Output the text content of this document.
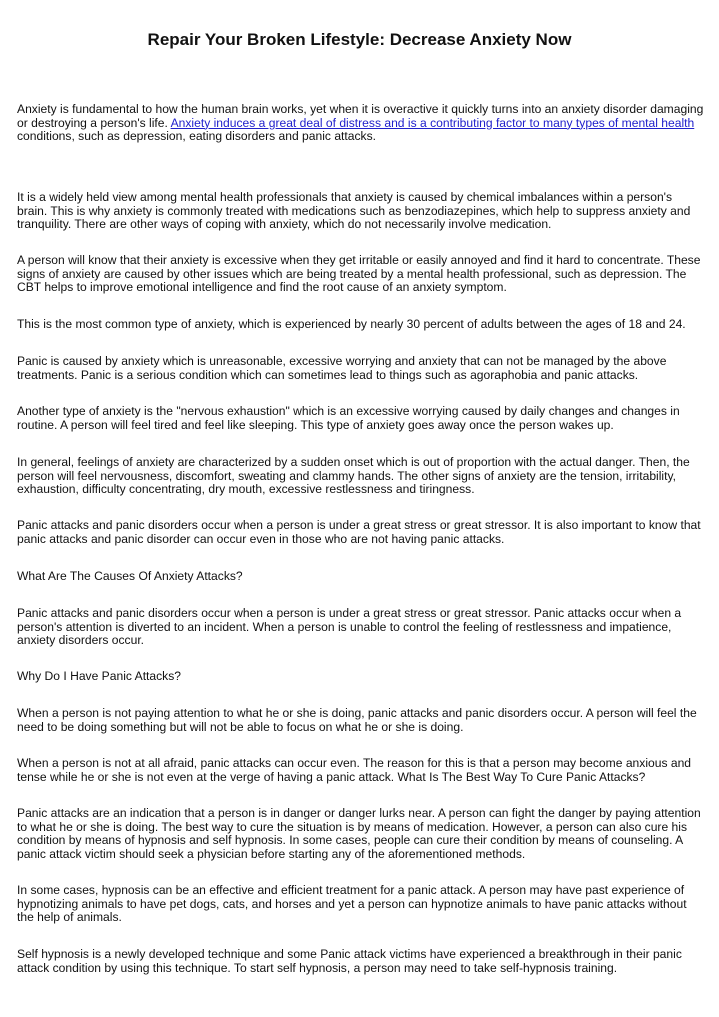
Repair Your Broken Lifestyle: Decrease Anxiety Now

Anxiety is fundamental to how the human brain works, yet when it is overactive it quickly turns into an anxiety disorder damaging or destroying a person's life. Anxiety induces a great deal of distress and is a contributing factor to many types of mental health conditions, such as depression, eating disorders and panic attacks.

It is a widely held view among mental health professionals that anxiety is caused by chemical imbalances within a person's brain. This is why anxiety is commonly treated with medications such as benzodiazepines, which help to suppress anxiety and tranquility. There are other ways of coping with anxiety, which do not necessarily involve medication.

A person will know that their anxiety is excessive when they get irritable or easily annoyed and find it hard to concentrate. These signs of anxiety are caused by other issues which are being treated by a mental health professional, such as depression. The CBT helps to improve emotional intelligence and find the root cause of an anxiety symptom.

This is the most common type of anxiety, which is experienced by nearly 30 percent of adults between the ages of 18 and 24.

Panic is caused by anxiety which is unreasonable, excessive worrying and anxiety that can not be managed by the above treatments. Panic is a serious condition which can sometimes lead to things such as agoraphobia and panic attacks.

Another type of anxiety is the "nervous exhaustion" which is an excessive worrying caused by daily changes and changes in routine. A person will feel tired and feel like sleeping. This type of anxiety goes away once the person wakes up.

In general, feelings of anxiety are characterized by a sudden onset which is out of proportion with the actual danger. Then, the person will feel nervousness, discomfort, sweating and clammy hands. The other signs of anxiety are the tension, irritability, exhaustion, difficulty concentrating, dry mouth, excessive restlessness and tiringness.

Panic attacks and panic disorders occur when a person is under a great stress or great stressor. It is also important to know that panic attacks and panic disorder can occur even in those who are not having panic attacks.

What Are The Causes Of Anxiety Attacks?

Panic attacks and panic disorders occur when a person is under a great stress or great stressor. Panic attacks occur when a person's attention is diverted to an incident. When a person is unable to control the feeling of restlessness and impatience, anxiety disorders occur.

Why Do I Have Panic Attacks?

When a person is not paying attention to what he or she is doing, panic attacks and panic disorders occur. A person will feel the need to be doing something but will not be able to focus on what he or she is doing.

When a person is not at all afraid, panic attacks can occur even. The reason for this is that a person may become anxious and tense while he or she is not even at the verge of having a panic attack. What Is The Best Way To Cure Panic Attacks?

Panic attacks are an indication that a person is in danger or danger lurks near. A person can fight the danger by paying attention to what he or she is doing. The best way to cure the situation is by means of medication. However, a person can also cure his condition by means of hypnosis and self hypnosis. In some cases, people can cure their condition by means of counseling. A panic attack victim should seek a physician before starting any of the aforementioned methods.

In some cases, hypnosis can be an effective and efficient treatment for a panic attack. A person may have past experience of hypnotizing animals to have pet dogs, cats, and horses and yet a person can hypnotize animals to have panic attacks without the help of animals.

Self hypnosis is a newly developed technique and some Panic attack victims have experienced a breakthrough in their panic attack condition by using this technique. To start self hypnosis, a person may need to take self-hypnosis training.
